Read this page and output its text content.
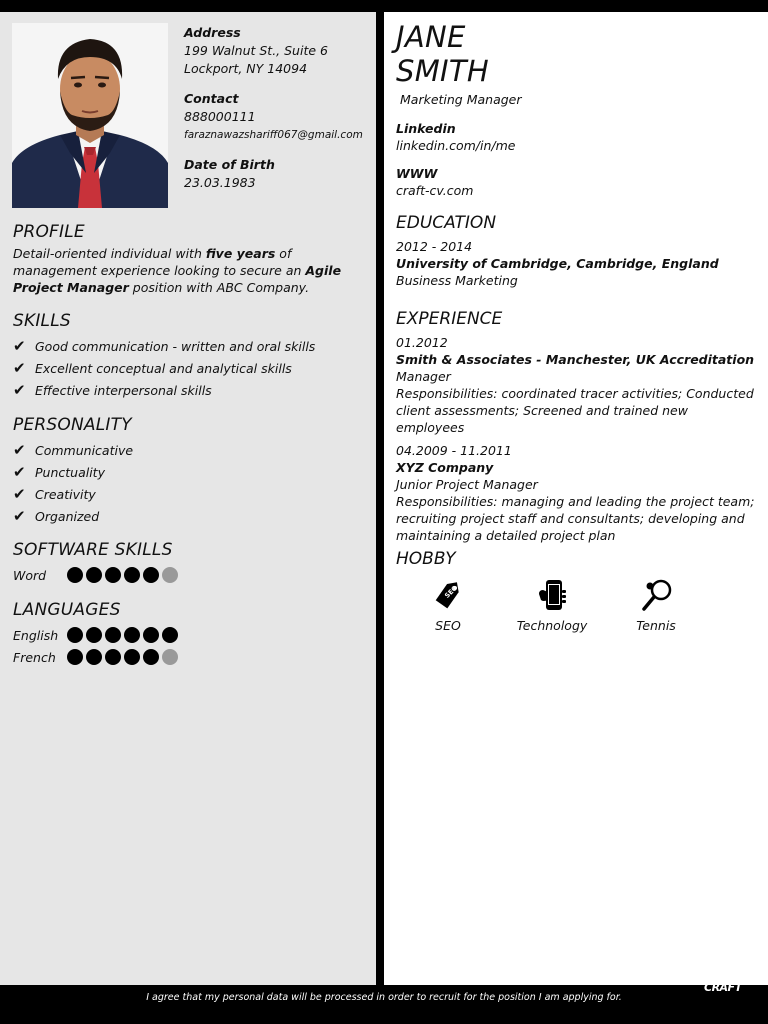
Address
199 Walnut St., Suite 6
Lockport, NY 14094
Contact
888000111
faraznawazshariff067@gmail.com
Date of Birth
23.03.1983
PROFILE
Detail-oriented individual with five years of management experience looking to secure an Agile Project Manager position with ABC Company.
SKILLS
✔ Good communication - written and oral skills
✔ Excellent conceptual and analytical skills
✔ Effective interpersonal skills
PERSONALITY
✔ Communicative
✔ Punctuality
✔ Creativity
✔ Organized
SOFTWARE SKILLS
Word
LANGUAGES
English
French
JANE
SMITH
Marketing Manager
Linkedin
linkedin.com/in/me
WWW
craft-cv.com
EDUCATION
2012 - 2014
University of Cambridge, Cambridge, England
Business Marketing
EXPERIENCE
01.2012
Smith & Associates - Manchester, UK Accreditation
Manager
Responsibilities: coordinated tracer activities; Conducted client assessments; Screened and trained new employees
04.2009 - 11.2011
XYZ Company
Junior Project Manager
Responsibilities: managing and leading the project team; recruiting project staff and consultants; developing and maintaining a detailed project plan
HOBBY
SEO
SEO	Technology	Tennis
I agree that my personal data will be processed in order to recruit for the position I am applying for.
CRAFT
